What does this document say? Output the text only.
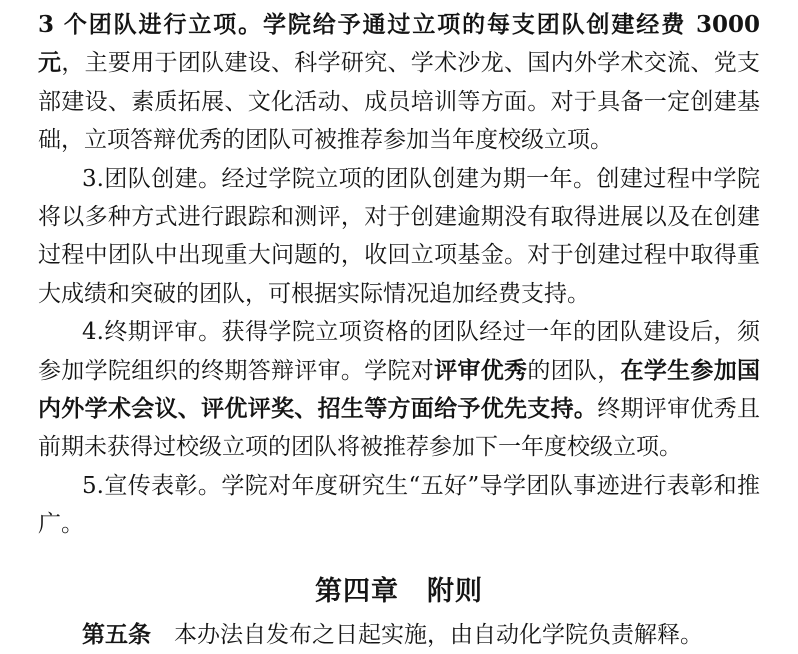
3 个团队进行立项。学院给予通过立项的每支团队创建经费 3000 元，主要用于团队建设、科学研究、学术沙龙、国内外学术交流、党支部建设、素质拓展、文化活动、成员培训等方面。对于具备一定创建基础，立项答辩优秀的团队可被推荐参加当年度校级立项。

3.团队创建。经过学院立项的团队创建为期一年。创建过程中学院将以多种方式进行跟踪和测评，对于创建逾期没有取得进展以及在创建过程中团队中出现重大问题的，收回立项基金。对于创建过程中取得重大成绩和突破的团队，可根据实际情况追加经费支持。

4.终期评审。获得学院立项资格的团队经过一年的团队建设后，须参加学院组织的终期答辩评审。学院对评审优秀的团队，在学生参加国内外学术会议、评优评奖、招生等方面给予优先支持。终期评审优秀且前期未获得过校级立项的团队将被推荐参加下一年度校级立项。

5.宣传表彰。学院对年度研究生“五好”导学团队事迹进行表彰和推广。

第四章　附则

第五条　本办法自发布之日起实施，由自动化学院负责解释。
